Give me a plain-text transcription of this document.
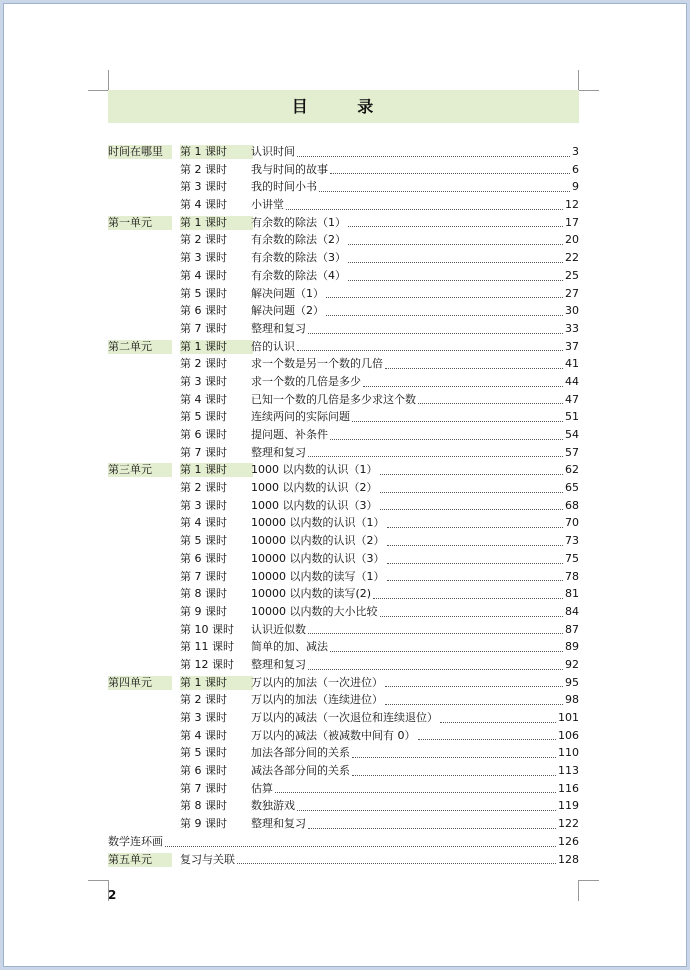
目 录
时间在哪里	第 1 课时	认识时间	3
第 2 课时	我与时间的故事	6
第 3 课时	我的时间小书	9
第 4 课时	小讲堂	12
第一单元	第 1 课时	有余数的除法（1）	17
第 2 课时	有余数的除法（2）	20
第 3 课时	有余数的除法（3）	22
第 4 课时	有余数的除法（4）	25
第 5 课时	解决问题（1）	27
第 6 课时	解决问题（2）	30
第 7 课时	整理和复习	33
第二单元	第 1 课时	倍的认识	37
第 2 课时	求一个数是另一个数的几倍	41
第 3 课时	求一个数的几倍是多少	44
第 4 课时	已知一个数的几倍是多少求这个数	47
第 5 课时	连续两问的实际问题	51
第 6 课时	提问题、补条件	54
第 7 课时	整理和复习	57
第三单元	第 1 课时	1000 以内数的认识（1）	62
第 2 课时	1000 以内数的认识（2）	65
第 3 课时	1000 以内数的认识（3）	68
第 4 课时	10000 以内数的认识（1）	70
第 5 课时	10000 以内数的认识（2）	73
第 6 课时	10000 以内数的认识（3）	75
第 7 课时	10000 以内数的读写（1）	78
第 8 课时	10000 以内数的读写(2)	81
第 9 课时	10000 以内数的大小比较	84
第 10 课时	认识近似数	87
第 11 课时	简单的加、减法	89
第 12 课时	整理和复习	92
第四单元	第 1 课时	万以内的加法（一次进位）	95
第 2 课时	万以内的加法（连续进位）	98
第 3 课时	万以内的减法（一次退位和连续退位）	101
第 4 课时	万以内的减法（被减数中间有 0）	106
第 5 课时	加法各部分间的关系	110
第 6 课时	减法各部分间的关系	113
第 7 课时	估算	116
第 8 课时	数独游戏	119
第 9 课时	整理和复习	122
数学连环画	126
第五单元	复习与关联	128
2
